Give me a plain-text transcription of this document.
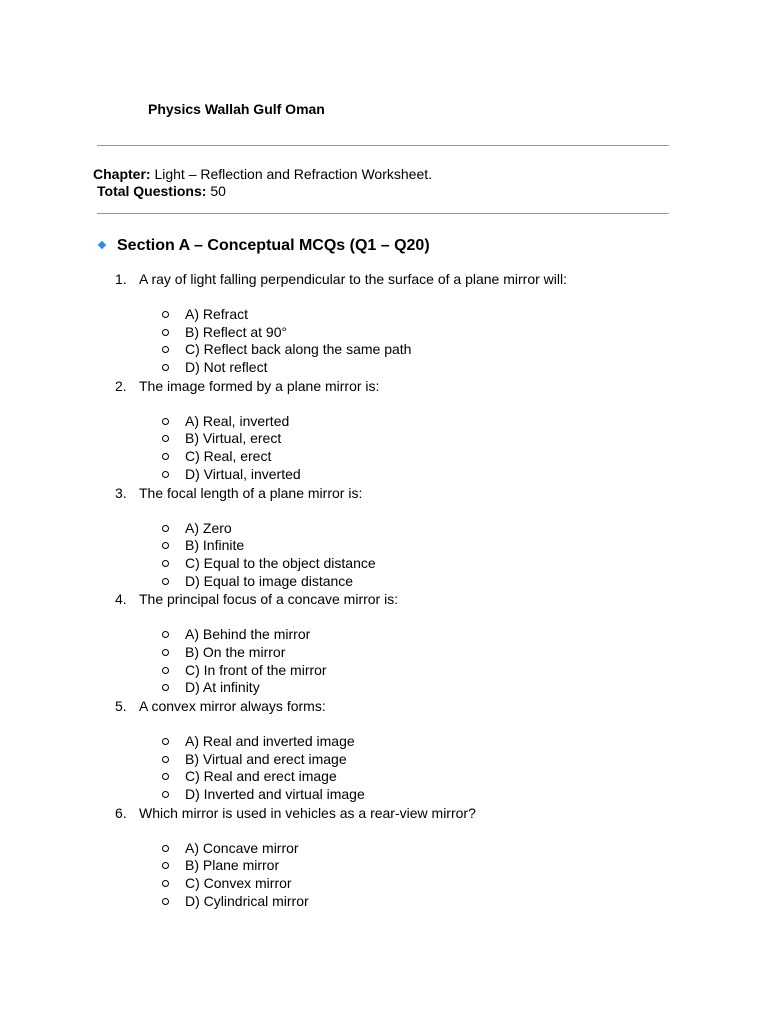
Physics Wallah Gulf Oman
Chapter: Light – Reflection and Refraction Worksheet.
Total Questions: 50
Section A – Conceptual MCQs (Q1 – Q20)
1. A ray of light falling perpendicular to the surface of a plane mirror will:
A) Refract
B) Reflect at 90°
C) Reflect back along the same path
D) Not reflect
2. The image formed by a plane mirror is:
A) Real, inverted
B) Virtual, erect
C) Real, erect
D) Virtual, inverted
3. The focal length of a plane mirror is:
A) Zero
B) Infinite
C) Equal to the object distance
D) Equal to image distance
4. The principal focus of a concave mirror is:
A) Behind the mirror
B) On the mirror
C) In front of the mirror
D) At infinity
5. A convex mirror always forms:
A) Real and inverted image
B) Virtual and erect image
C) Real and erect image
D) Inverted and virtual image
6. Which mirror is used in vehicles as a rear-view mirror?
A) Concave mirror
B) Plane mirror
C) Convex mirror
D) Cylindrical mirror
